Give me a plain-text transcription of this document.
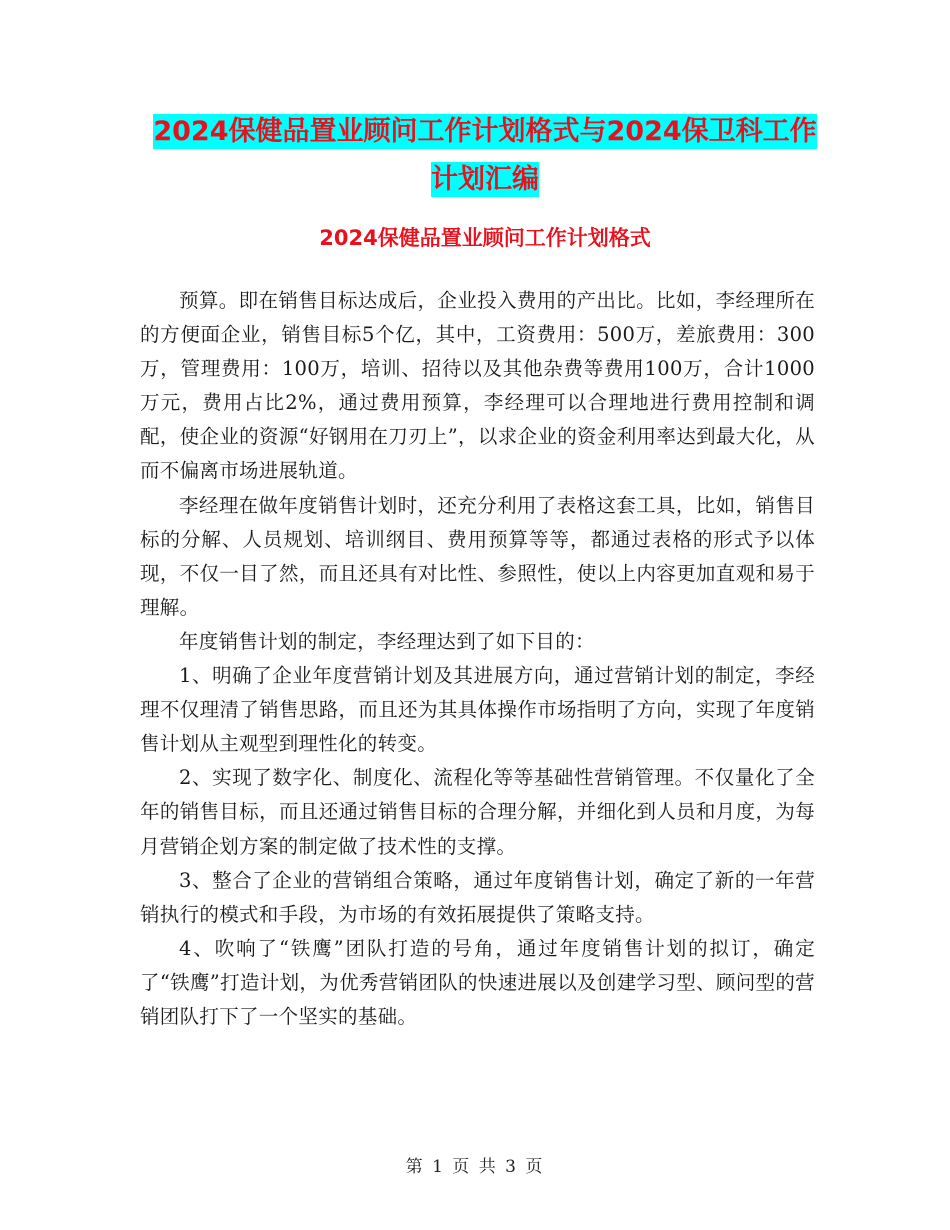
2024保健品置业顾问工作计划格式与2024保卫科工作计划汇编
2024保健品置业顾问工作计划格式

预算。即在销售目标达成后，企业投入费用的产出比。比如，李经理所在的方便面企业，销售目标5个亿，其中，工资费用：500万，差旅费用：300万，管理费用：100万，培训、招待以及其他杂费等费用100万，合计1000万元，费用占比2%，通过费用预算，李经理可以合理地进行费用控制和调配，使企业的资源“好钢用在刀刃上”，以求企业的资金利用率达到最大化，从而不偏离市场进展轨道。

李经理在做年度销售计划时，还充分利用了表格这套工具，比如，销售目标的分解、人员规划、培训纲目、费用预算等等，都通过表格的形式予以体现，不仅一目了然，而且还具有对比性、参照性，使以上内容更加直观和易于理解。

年度销售计划的制定，李经理达到了如下目的：

1、明确了企业年度营销计划及其进展方向，通过营销计划的制定，李经理不仅理清了销售思路，而且还为其具体操作市场指明了方向，实现了年度销售计划从主观型到理性化的转变。

2、实现了数字化、制度化、流程化等等基础性营销管理。不仅量化了全年的销售目标，而且还通过销售目标的合理分解，并细化到人员和月度，为每月营销企划方案的制定做了技术性的支撑。

3、整合了企业的营销组合策略，通过年度销售计划，确定了新的一年营销执行的模式和手段，为市场的有效拓展提供了策略支持。

4、吹响了“铁鹰”团队打造的号角，通过年度销售计划的拟订，确定了“铁鹰”打造计划，为优秀营销团队的快速进展以及创建学习型、顾问型的营销团队打下了一个坚实的基础。

第 1 页 共 3 页
